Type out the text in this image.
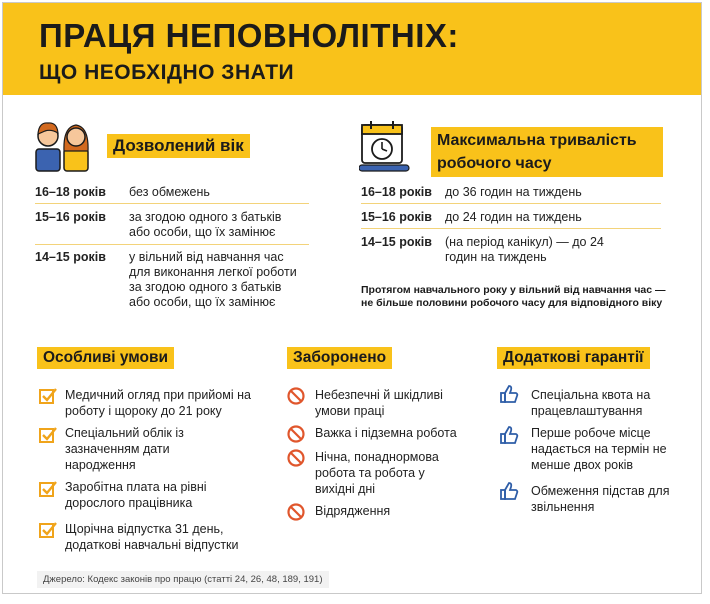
ПРАЦЯ НЕПОВНОЛІТНІХ:
ЩО НЕОБХІДНО ЗНАТИ
Дозволений вік
16–18 років без обмежень
15–16 років за згодою одного з батьків або особи, що їх замінює
14–15 років у вільний від навчання час для виконання легкої роботи за згодою одного з батьків або особи, що їх замінює
Максимальна тривалість робочого часу
16–18 років до 36 годин на тиждень
15–16 років до 24 годин на тиждень
14–15 років (на період канікул) — до 24 годин на тиждень
Протягом навчального року у вільний від навчання час — не більше половини робочого часу для відповідного віку
Особливі умови
Медичний огляд при прийомі на роботу і щороку до 21 року
Спеціальний облік із зазначенням дати народження
Заробітна плата на рівні дорослого працівника
Щорічна відпустка 31 день, додаткові навчальні відпустки
Заборонено
Небезпечні й шкідливі умови праці
Важка і підземна робота
Нічна, понаднормова робота та робота у вихідні дні
Відрядження
Додаткові гарантії
Спеціальна квота на працевлаштування
Перше робоче місце надається на термін не менше двох років
Обмеження підстав для звільнення
Джерело: Кодекс законів про працю (статті 24, 26, 48, 189, 191)
